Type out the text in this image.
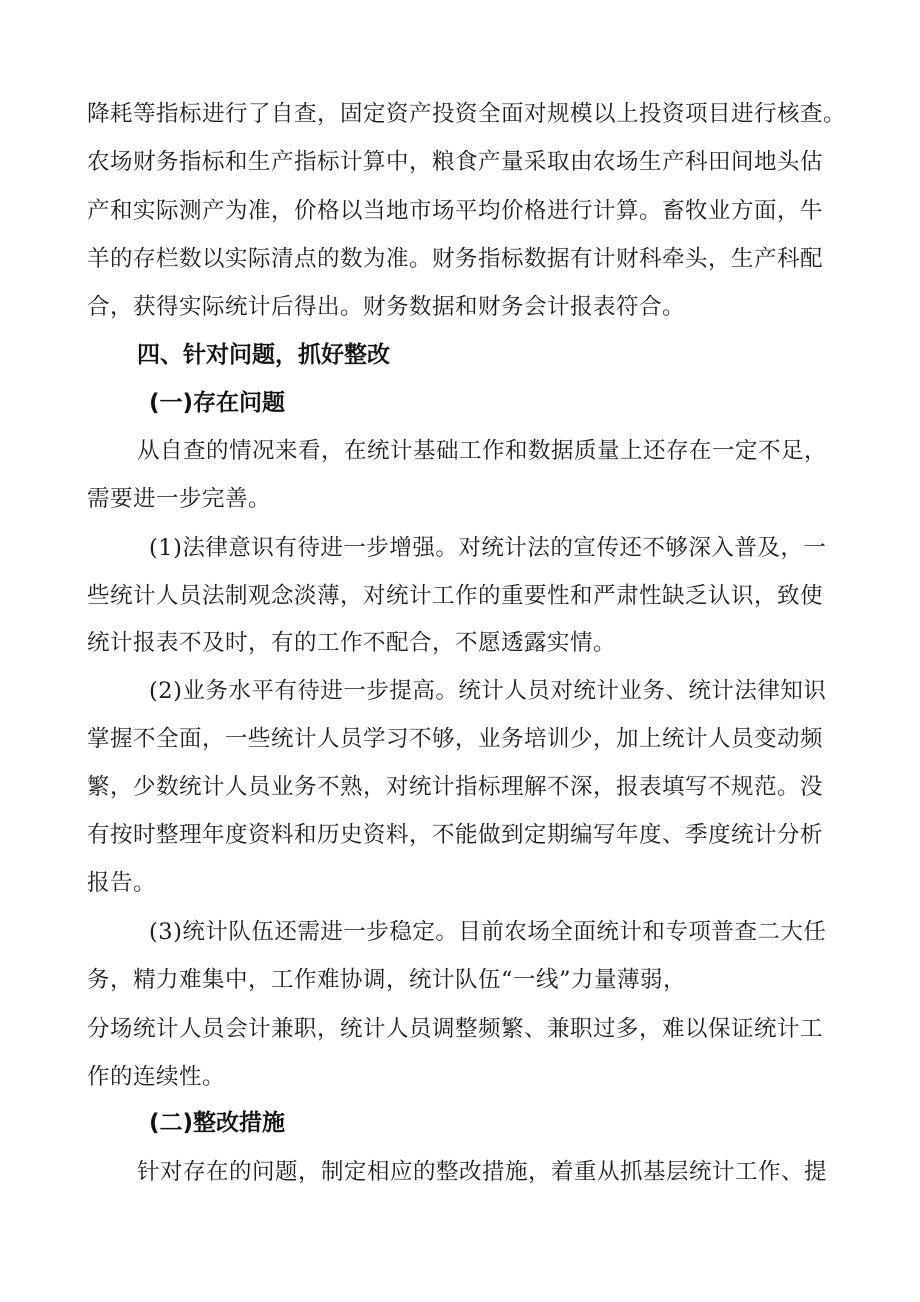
降耗等指标进行了自查，固定资产投资全面对规模以上投资项目进行核查。

农场财务指标和生产指标计算中，粮食产量采取由农场生产科田间地头估

产和实际测产为准，价格以当地市场平均价格进行计算。畜牧业方面，牛

羊的存栏数以实际清点的数为准。财务指标数据有计财科牵头，生产科配

合，获得实际统计后得出。财务数据和财务会计报表符合。

四、针对问题，抓好整改
(一)存在问题

从自查的情况来看，在统计基础工作和数据质量上还存在一定不足，

需要进一步完善。

(1)法律意识有待进一步增强。对统计法的宣传还不够深入普及，一

些统计人员法制观念淡薄，对统计工作的重要性和严肃性缺乏认识，致使

统计报表不及时，有的工作不配合，不愿透露实情。

(2)业务水平有待进一步提高。统计人员对统计业务、统计法律知识

掌握不全面，一些统计人员学习不够，业务培训少，加上统计人员变动频

繁，少数统计人员业务不熟，对统计指标理解不深，报表填写不规范。没

有按时整理年度资料和历史资料，不能做到定期编写年度、季度统计分析

报告。

(3)统计队伍还需进一步稳定。目前农场全面统计和专项普查二大任

务，精力难集中，工作难协调，统计队伍“一线”力量薄弱，

分场统计人员会计兼职，统计人员调整频繁、兼职过多，难以保证统计工

作的连续性。

(二)整改措施

针对存在的问题，制定相应的整改措施，着重从抓基层统计工作、提
